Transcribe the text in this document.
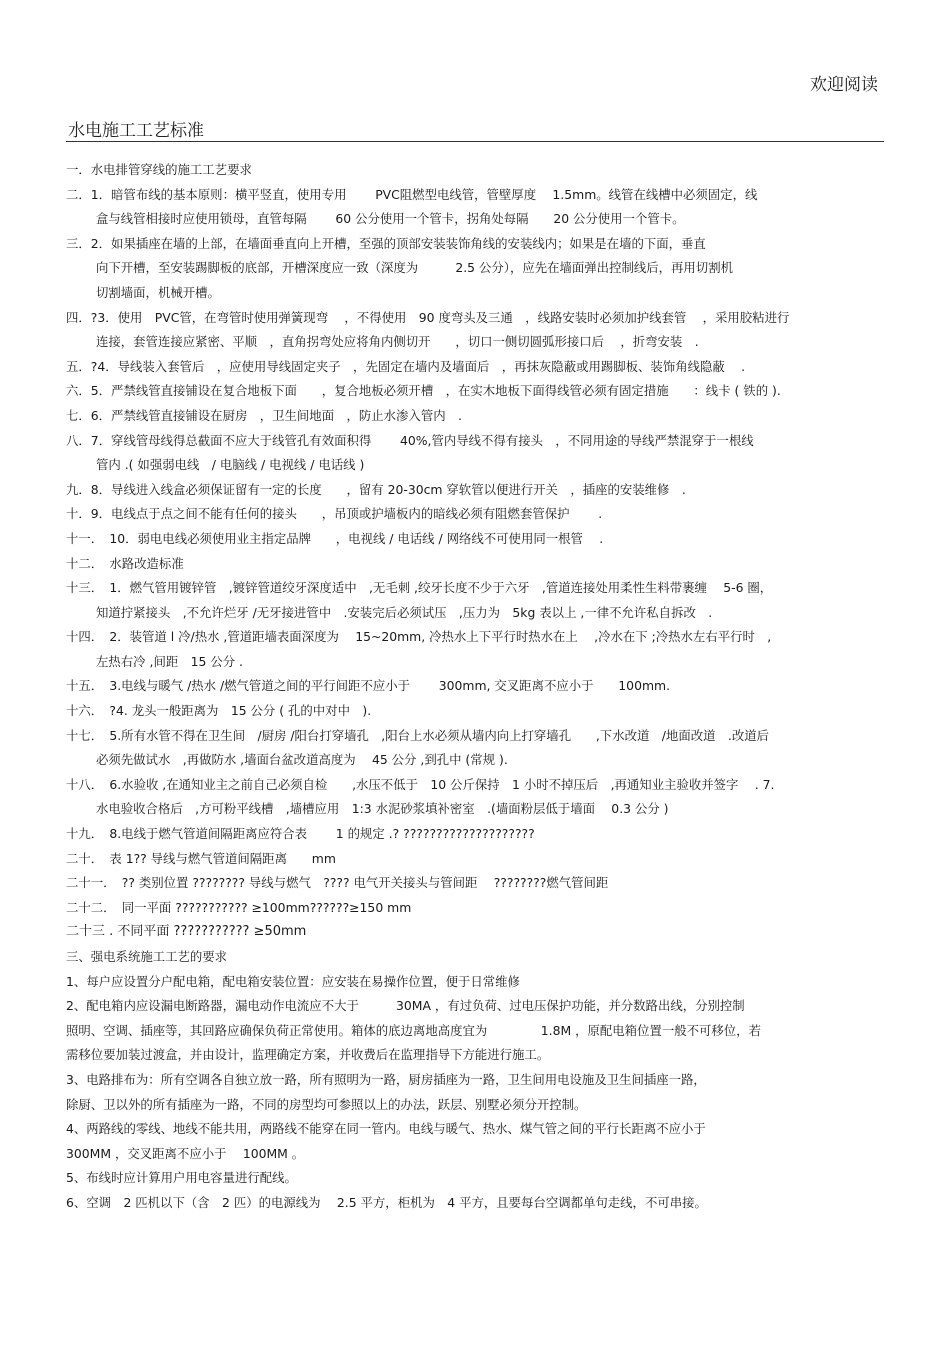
欢迎阅读
水电施工工艺标准
一．水电排管穿线的施工工艺要求
二．1．暗管布线的基本原则：横平竖直，使用专用　　 PVC阻燃型电线管，管壁厚度　 1.5mm。线管在线槽中必须固定，线
盒与线管相接时应使用锁母，直管每隔　　 60 公分使用一个管卡，拐角处每隔　　20 公分使用一个管卡。
三．2．如果插座在墙的上部，在墙面垂直向上开槽，至强的顶部安装装饰角线的安装线内；如果是在墙的下面，垂直
向下开槽，至安装踢脚板的底部，开槽深度应一致（深度为　　　2.5 公分），应先在墙面弹出控制线后，再用切割机
切割墙面，机械开槽。
四．?3．使用　PVC管，在弯管时使用弹簧现弯　 ，不得使用　90 度弯头及三通　，线路安装时必须加护线套管　 ，采用胶粘进行
连接，套管连接应紧密、平顺　，直角拐弯处应将角内侧切开　　，切口一侧切圆弧形接口后　 ，折弯安装　.
五．?4．导线装入套管后　，应使用导线固定夹子　，先固定在墙内及墙面后　，再抹灰隐蔽或用踢脚板、装饰角线隐蔽　 .
六．5．严禁线管直接铺设在复合地板下面　　，复合地板必须开槽　，在实木地板下面得线管必须有固定措施　　：线卡 ( 铁的 ).
七．6．严禁线管直接铺设在厨房　，卫生间地面　，防止水渗入管内　.
八．7．穿线管母线得总截面不应大于线管孔有效面积得　　 40%,管内导线不得有接头　，不同用途的导线严禁混穿于一根线
管内 .( 如强弱电线　/ 电脑线 / 电视线 / 电话线 )
九．8．导线进入线盒必须保证留有一定的长度　　，留有 20-30cm 穿软管以便进行开关　，插座的安装维修　.
十．9．电线点于点之间不能有任何的接头　　，吊顶或护墙板内的暗线必须有阻燃套管保护　　 .
十一．　10．弱电电线必须使用业主指定品牌　　，电视线 / 电话线 / 网络线不可使用同一根管　 .
十二．　水路改造标准
十三．　1．燃气管用镀锌管　,镀锌管道绞牙深度适中　,无毛刺 ,绞牙长度不少于六牙　,管道连接处用柔性生料带裹缠　 5-6 圈，
知道拧紧接头　,不允许烂牙 /无牙接进管中　.安装完后必须试压　,压力为　5kg 表以上 ,一律不允许私自拆改　.
十四．　2．装管道 l 冷/热水 ,管道距墙表面深度为　 15~20mm, 冷热水上下平行时热水在上　 ,冷水在下 ;冷热水左右平行时　,
左热右冷 ,间距　15 公分 .
十五．　3.电线与暖气 /热水 /燃气管道之间的平行间距不应小于　　 300mm, 交叉距离不应小于　　100mm.
十六．　?4. 龙头一般距离为　15 公分 ( 孔的中对中　).
十七．　5.所有水管不得在卫生间　/厨房 /阳台打穿墙孔　,阳台上水必须从墙内向上打穿墙孔　　,下水改道　/地面改道　.改道后
必须先做试水　,再做防水 ,墙面台盆改道高度为　 45 公分 ,到孔中 (常规 ).
十八．　6.水验收 ,在通知业主之前自己必须自检　　,水压不低于　10 公斤保持　1 小时不掉压后　,再通知业主验收并签字　 . 7.
水电验收合格后　,方可粉平线槽　,墙槽应用　1:3 水泥砂浆填补密室　.(墙面粉层低于墙面　 0.3 公分 )
十九．　8.电线于燃气管道间隔距离应符合表　　 1 的规定 .? ????????????????????
二十．　表 1?? 导线与燃气管道间隔距离　　mm
二十一．　?? 类别位置 ???????? 导线与燃气　???? 电气开关接头与管间距　 ????????燃气管间距
二十二．　同一平面 ??????????? ≥100mm??????≥150 mm
二十三 . 不同平面 ??????????? ≥50mm
三、强电系统施工工艺的要求
1、每户应设置分户配电箱，配电箱安装位置：应安装在易操作位置，便于日常维修
2、配电箱内应设漏电断路器，漏电动作电流应不大于　　　30MA ，有过负荷、过电压保护功能，并分数路出线，分别控制
照明、空调、插座等，其回路应确保负荷正常使用。箱体的底边离地高度宜为　　　　 1.8M ，原配电箱位置一般不可移位，若
需移位要加装过渡盒，并由设计，监理确定方案，并收费后在监理指导下方能进行施工。
3、电路排布为：所有空调各自独立放一路，所有照明为一路，厨房插座为一路，卫生间用电设施及卫生间插座一路，
除厨、卫以外的所有插座为一路，不同的房型均可参照以上的办法，跃层、别墅必须分开控制。
4、两路线的零线、地线不能共用，两路线不能穿在同一管内。电线与暖气、热水、煤气管之间的平行长距离不应小于
300MM ，交叉距离不应小于　 100MM 。
5、布线时应计算用户用电容量进行配线。
6、空调　2 匹机以下（含　2 匹）的电源线为　 2.5 平方，柜机为　4 平方，且要每台空调都单句走线，不可串接。
